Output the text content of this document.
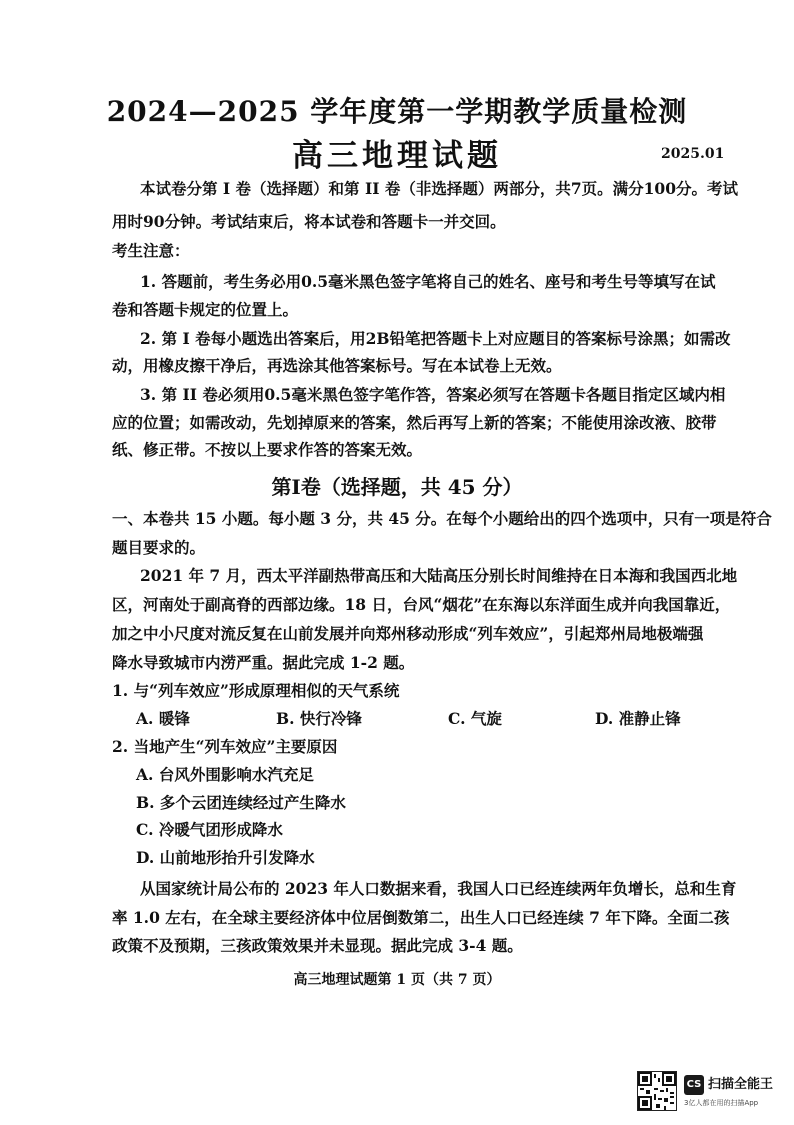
2024—2025 学年度第一学期教学质量检测
高三地理试题	2025.01
本试卷分第 I 卷（选择题）和第 II 卷（非选择题）两部分，共7页。满分100分。考试
用时90分钟。考试结束后，将本试卷和答题卡一并交回。
考生注意：
1. 答题前，考生务必用0.5毫米黑色签字笔将自己的姓名、座号和考生号等填写在试
卷和答题卡规定的位置上。
2. 第 I 卷每小题选出答案后，用2B铅笔把答题卡上对应题目的答案标号涂黑；如需改
动，用橡皮擦干净后，再选涂其他答案标号。写在本试卷上无效。
3. 第 II 卷必须用0.5毫米黑色签字笔作答，答案必须写在答题卡各题目指定区域内相
应的位置；如需改动，先划掉原来的答案，然后再写上新的答案；不能使用涂改液、胶带
纸、修正带。不按以上要求作答的答案无效。
第Ⅰ卷（选择题，共 45 分）
一、本卷共 15 小题。每小题 3 分，共 45 分。在每个小题给出的四个选项中，只有一项是符合
题目要求的。
2021 年 7 月，西太平洋副热带高压和大陆高压分别长时间维持在日本海和我国西北地
区，河南处于副高脊的西部边缘。18 日，台风“烟花”在东海以东洋面生成并向我国靠近，
加之中小尺度对流反复在山前发展并向郑州移动形成“列车效应”，引起郑州局地极端强
降水导致城市内涝严重。据此完成 1-2 题。
1. 与“列车效应”形成原理相似的天气系统
A. 暖锋	B. 快行冷锋	C. 气旋	D. 准静止锋
2. 当地产生“列车效应”主要原因
A. 台风外围影响水汽充足
B. 多个云团连续经过产生降水
C. 冷暖气团形成降水
D. 山前地形抬升引发降水
从国家统计局公布的 2023 年人口数据来看，我国人口已经连续两年负增长，总和生育
率 1.0 左右，在全球主要经济体中位居倒数第二，出生人口已经连续 7 年下降。全面二孩
政策不及预期，三孩政策效果并未显现。据此完成 3-4 题。
高三地理试题第 1 页（共 7 页）
CS 扫描全能王
3亿人都在用的扫描App
